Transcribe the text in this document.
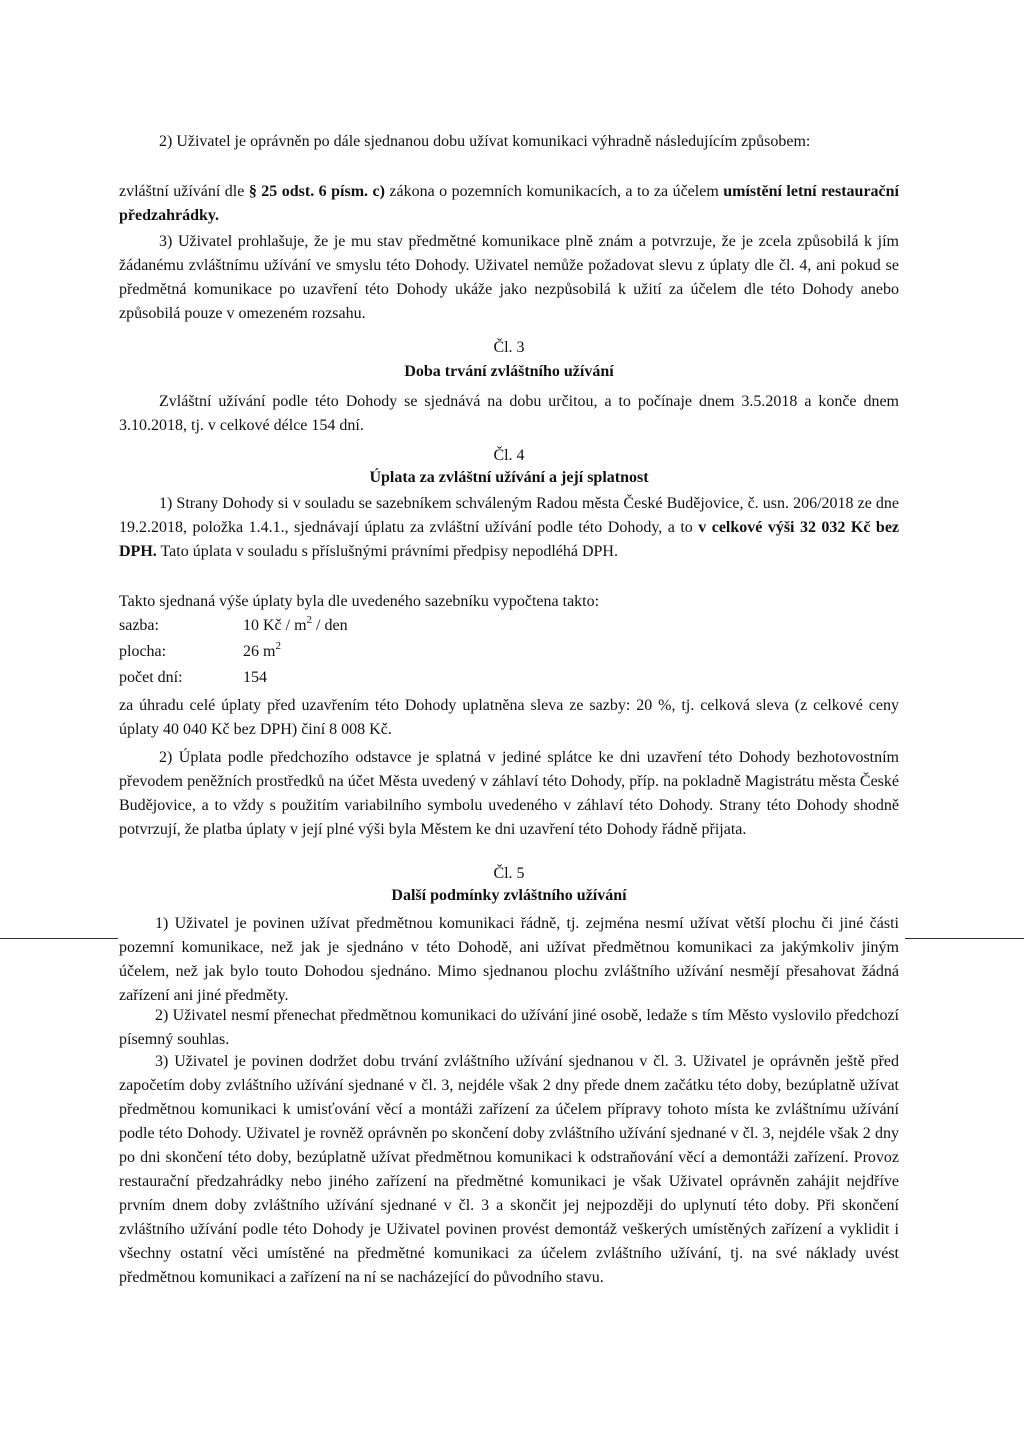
2) Uživatel je oprávněn po dále sjednanou dobu užívat komunikaci výhradně následujícím způsobem:

zvláštní užívání dle § 25 odst. 6 písm. c) zákona o pozemních komunikacích, a to za účelem umístění letní restaurační předzahrádky.

3) Uživatel prohlašuje, že je mu stav předmětné komunikace plně znám a potvrzuje, že je zcela způsobilá k jím žádanému zvláštnímu užívání ve smyslu této Dohody. Uživatel nemůže požadovat slevu z úplaty dle čl. 4, ani pokud se předmětná komunikace po uzavření této Dohody ukáže jako nezpůsobilá k užití za účelem dle této Dohody anebo způsobilá pouze v omezeném rozsahu.

Čl. 3

Doba trvání zvláštního užívání

Zvláštní užívání podle této Dohody se sjednává na dobu určitou, a to počínaje dnem 3.5.2018 a konče dnem 3.10.2018, tj. v celkové délce 154 dní.

Čl. 4

Úplata za zvláštní užívání a její splatnost

1) Strany Dohody si v souladu se sazebníkem schváleným Radou města České Budějovice, č. usn. 206/2018 ze dne 19.2.2018, položka 1.4.1., sjednávají úplatu za zvláštní užívání podle této Dohody, a to v celkové výši 32 032 Kč bez DPH. Tato úplata v souladu s příslušnými právními předpisy nepodléhá DPH.

Takto sjednaná výše úplaty byla dle uvedeného sazebníku vypočtena takto:

sazba:	10 Kč / $m^2$ / den
plocha:	26 $m^2$
počet dní:	154

za úhradu celé úplaty před uzavřením této Dohody uplatněna sleva ze sazby: 20 %, tj. celková sleva (z celkové ceny úplaty 40 040 Kč bez DPH) činí 8 008 Kč.

2) Úplata podle předchozího odstavce je splatná v jediné splátce ke dni uzavření této Dohody bezhotovostním převodem peněžních prostředků na účet Města uvedený v záhlaví této Dohody, příp. na pokladně Magistrátu města České Budějovice, a to vždy s použitím variabilního symbolu uvedeného v záhlaví této Dohody. Strany této Dohody shodně potvrzují, že platba úplaty v její plné výši byla Městem ke dni uzavření této Dohody řádně přijata.

Čl. 5

Další podmínky zvláštního užívání

1) Uživatel je povinen užívat předmětnou komunikaci řádně, tj. zejména nesmí užívat větší plochu či jiné části pozemní komunikace, než jak je sjednáno v této Dohodě, ani užívat předmětnou komunikaci za jakýmkoliv jiným účelem, než jak bylo touto Dohodou sjednáno. Mimo sjednanou plochu zvláštního užívání nesmějí přesahovat žádná zařízení ani jiné předměty.

2) Uživatel nesmí přenechat předmětnou komunikaci do užívání jiné osobě, ledaže s tím Město vyslovilo předchozí písemný souhlas.

3) Uživatel je povinen dodržet dobu trvání zvláštního užívání sjednanou v čl. 3. Uživatel je oprávněn ještě před započetím doby zvláštního užívání sjednané v čl. 3, nejdéle však 2 dny přede dnem začátku této doby, bezúplatně užívat předmětnou komunikaci k umisťování věcí a montáži zařízení za účelem přípravy tohoto místa ke zvláštnímu užívání podle této Dohody. Uživatel je rovněž oprávněn po skončení doby zvláštního užívání sjednané v čl. 3, nejdéle však 2 dny po dni skončení této doby, bezúplatně užívat předmětnou komunikaci k odstraňování věcí a demontáži zařízení. Provoz restaurační předzahrádky nebo jiného zařízení na předmětné komunikaci je však Uživatel oprávněn zahájit nejdříve prvním dnem doby zvláštního užívání sjednané v čl. 3 a skončit jej nejpozději do uplynutí této doby. Při skončení zvláštního užívání podle této Dohody je Uživatel povinen provést demontáž veškerých umístěných zařízení a vyklidit i všechny ostatní věci umístěné na předmětné komunikaci za účelem zvláštního užívání, tj. na své náklady uvést předmětnou komunikaci a zařízení na ní se nacházející do původního stavu.
